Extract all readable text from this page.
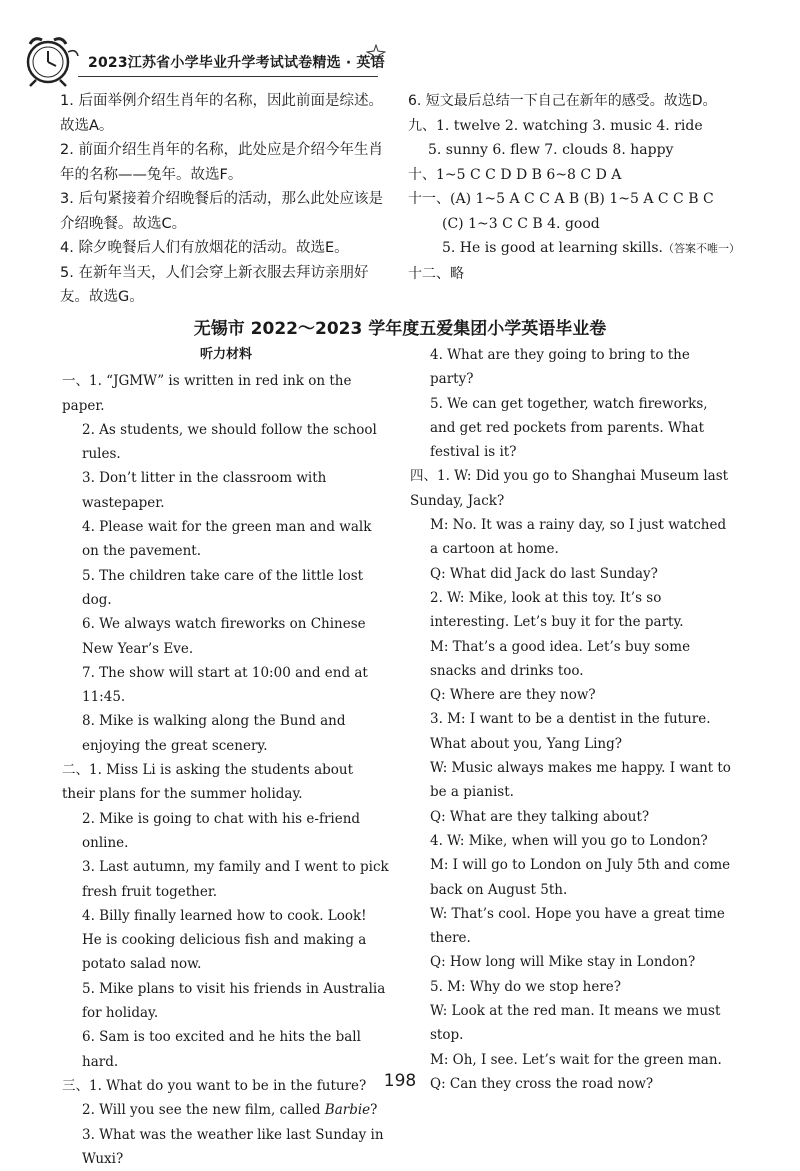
2023江苏省小学毕业升学考试试卷精选 · 英语

1. 后面举例介绍生肖年的名称，因此前面是综述。故选A。

2. 前面介绍生肖年的名称，此处应是介绍今年生肖年的名称——兔年。故选F。

3. 后句紧接着介绍晚餐后的活动，那么此处应该是介绍晚餐。故选C。

4. 除夕晚餐后人们有放烟花的活动。故选E。

5. 在新年当天，人们会穿上新衣服去拜访亲朋好友。故选G。

6. 短文最后总结一下自己在新年的感受。故选D。

九、1. twelve 2. watching 3. music 4. ride

5. sunny 6. flew 7. clouds 8. happy

十、1~5 C C D D B 6~8 C D A

十一、(A) 1~5 A C C A B (B) 1~5 A C C B C

(C) 1~3 C C B 4. good

5. He is good at learning skills.（答案不唯一）

十二、略

无锡市 2022～2023 学年度五爱集团小学英语毕业卷
听力材料

一、1. “JGMW” is written in red ink on the paper.

2. As students, we should follow the school rules.

3. Don’t litter in the classroom with wastepaper.

4. Please wait for the green man and walk on the pavement.

5. The children take care of the little lost dog.

6. We always watch fireworks on Chinese New Year’s Eve.

7. The show will start at 10:00 and end at 11:45.

8. Mike is walking along the Bund and enjoying the great scenery.

二、1. Miss Li is asking the students about their plans for the summer holiday.

2. Mike is going to chat with his e-friend online.

3. Last autumn, my family and I went to pick fresh fruit together.

4. Billy finally learned how to cook. Look! He is cooking delicious fish and making a potato salad now.

5. Mike plans to visit his friends in Australia for holiday.

6. Sam is too excited and he hits the ball hard.

三、1. What do you want to be in the future?

2. Will you see the new film, called Barbie?

3. What was the weather like last Sunday in Wuxi?

4. What are they going to bring to the party?

5. We can get together, watch fireworks, and get red pockets from parents. What festival is it?

四、1. W: Did you go to Shanghai Museum last Sunday, Jack?

M: No. It was a rainy day, so I just watched a cartoon at home.

Q: What did Jack do last Sunday?

2. W: Mike, look at this toy. It’s so interesting. Let’s buy it for the party.

M: That’s a good idea. Let’s buy some snacks and drinks too.

Q: Where are they now?

3. M: I want to be a dentist in the future. What about you, Yang Ling?

W: Music always makes me happy. I want to be a pianist.

Q: What are they talking about?

4. W: Mike, when will you go to London?

M: I will go to London on July 5th and come back on August 5th.

W: That’s cool. Hope you have a great time there.

Q: How long will Mike stay in London?

5. M: Why do we stop here?

W: Look at the red man. It means we must stop.

M: Oh, I see. Let’s wait for the green man.

Q: Can they cross the road now?

198
